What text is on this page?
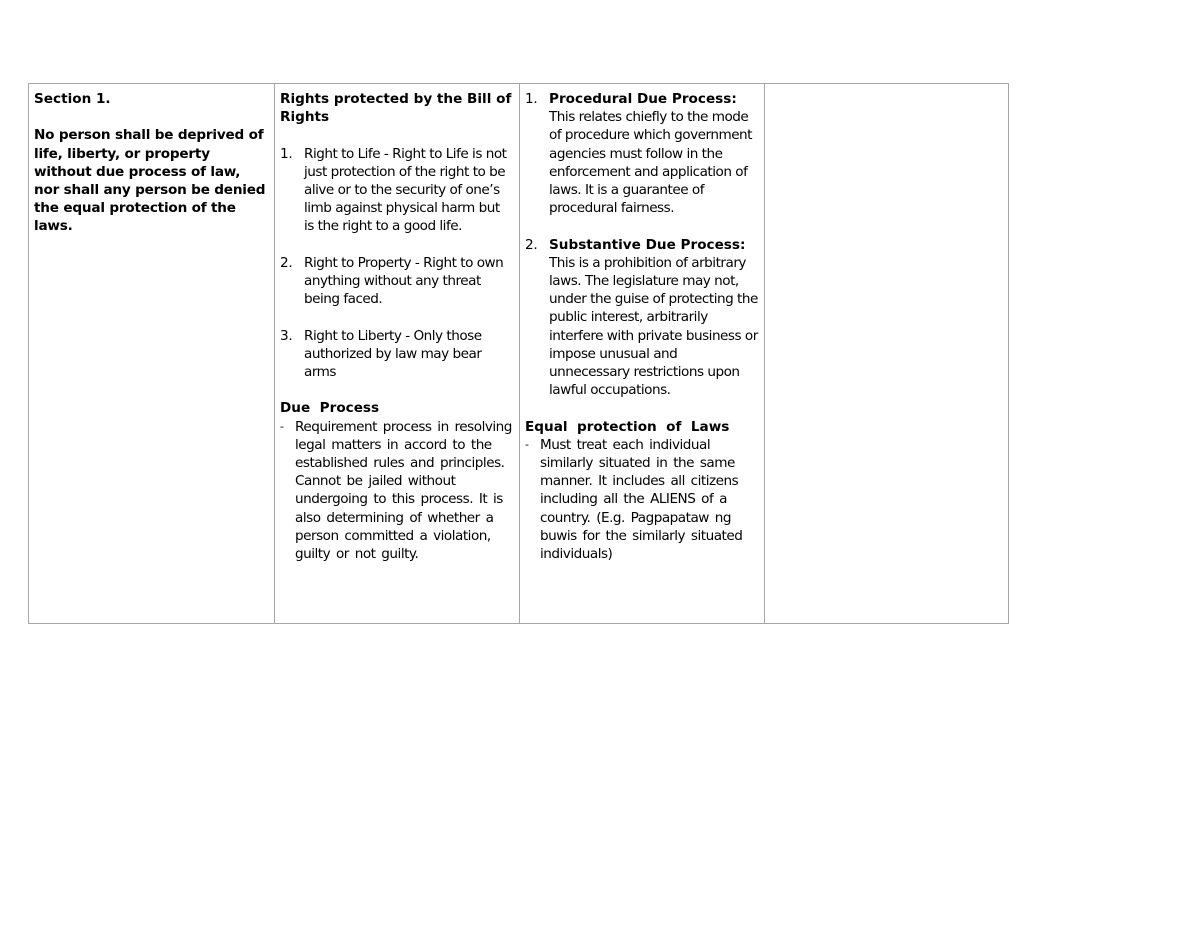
Section 1.
No person shall be deprived of life, liberty, or property without due process of law, nor shall any person be denied the equal protection of the laws.
Rights protected by the Bill of Rights
1. Right to Life - Right to Life is not just protection of the right to be alive or to the security of one’s limb against physical harm but is the right to a good life.
2. Right to Property - Right to own anything without any threat being faced.
3. Right to Liberty - Only those authorized by law may bear arms
Due  Process
- Requirement process in resolving legal matters in accord to the established rules and principles. Cannot be jailed without undergoing to this process. It is also determining of whether a person committed a violation, guilty or not guilty.
1. Procedural Due Process:
This relates chiefly to the mode of procedure which government agencies must follow in the enforcement and application of laws. It is a guarantee of procedural fairness.
2. Substantive Due Process:
This is a prohibition of arbitrary laws. The legislature may not, under the guise of protecting the public interest, arbitrarily interfere with private business or impose unusual and unnecessary restrictions upon lawful occupations.
Equal  protection  of  Laws
- Must treat each individual similarly situated in the same manner. It includes all citizens including all the ALIENS of a country. (E.g. Pagpapataw ng buwis for the similarly situated individuals)
